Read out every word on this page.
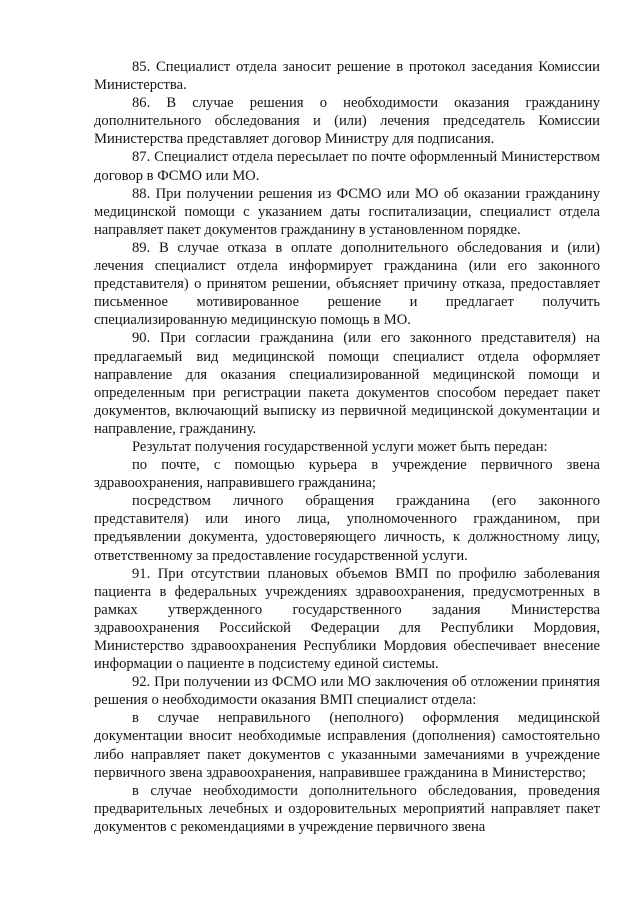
85. Специалист отдела заносит решение в протокол заседания Комиссии Министерства.

86. В случае решения о необходимости оказания гражданину дополнительного обследования и (или) лечения председатель Комиссии Министерства представляет договор Министру для подписания.

87. Специалист отдела пересылает по почте оформленный Министерством договор в ФСМО или МО.

88. При получении решения из ФСМО или МО об оказании гражданину медицинской помощи с указанием даты госпитализации, специалист отдела направляет пакет документов гражданину в установленном порядке.

89. В случае отказа в оплате дополнительного обследования и (или) лечения специалист отдела информирует гражданина (или его законного представителя) о принятом решении, объясняет причину отказа, предоставляет письменное мотивированное решение и предлагает получить специализированную медицинскую помощь в МО.

90. При согласии гражданина (или его законного представителя) на предлагаемый вид медицинской помощи специалист отдела оформляет направление для оказания специализированной медицинской помощи и определенным при регистрации пакета документов способом передает пакет документов, включающий выписку из первичной медицинской документации и направление, гражданину.

Результат получения государственной услуги может быть передан:

по почте, с помощью курьера в учреждение первичного звена здравоохранения, направившего гражданина;

посредством личного обращения гражданина (его законного представителя) или иного лица, уполномоченного гражданином, при предъявлении документа, удостоверяющего личность, к должностному лицу, ответственному за предоставление государственной услуги.

91. При отсутствии плановых объемов ВМП по профилю заболевания пациента в федеральных учреждениях здравоохранения, предусмотренных в рамках утвержденного государственного задания Министерства здравоохранения Российской Федерации для Республики Мордовия, Министерство здравоохранения Республики Мордовия обеспечивает внесение информации о пациенте в подсистему единой системы.

92. При получении из ФСМО или МО заключения об отложении принятия решения о необходимости оказания ВМП специалист отдела:

в случае неправильного (неполного) оформления медицинской документации вносит необходимые исправления (дополнения) самостоятельно либо направляет пакет документов с указанными замечаниями в учреждение первичного звена здравоохранения, направившее гражданина в Министерство;

в случае необходимости дополнительного обследования, проведения предварительных лечебных и оздоровительных мероприятий направляет пакет документов с рекомендациями в учреждение первичного звена
